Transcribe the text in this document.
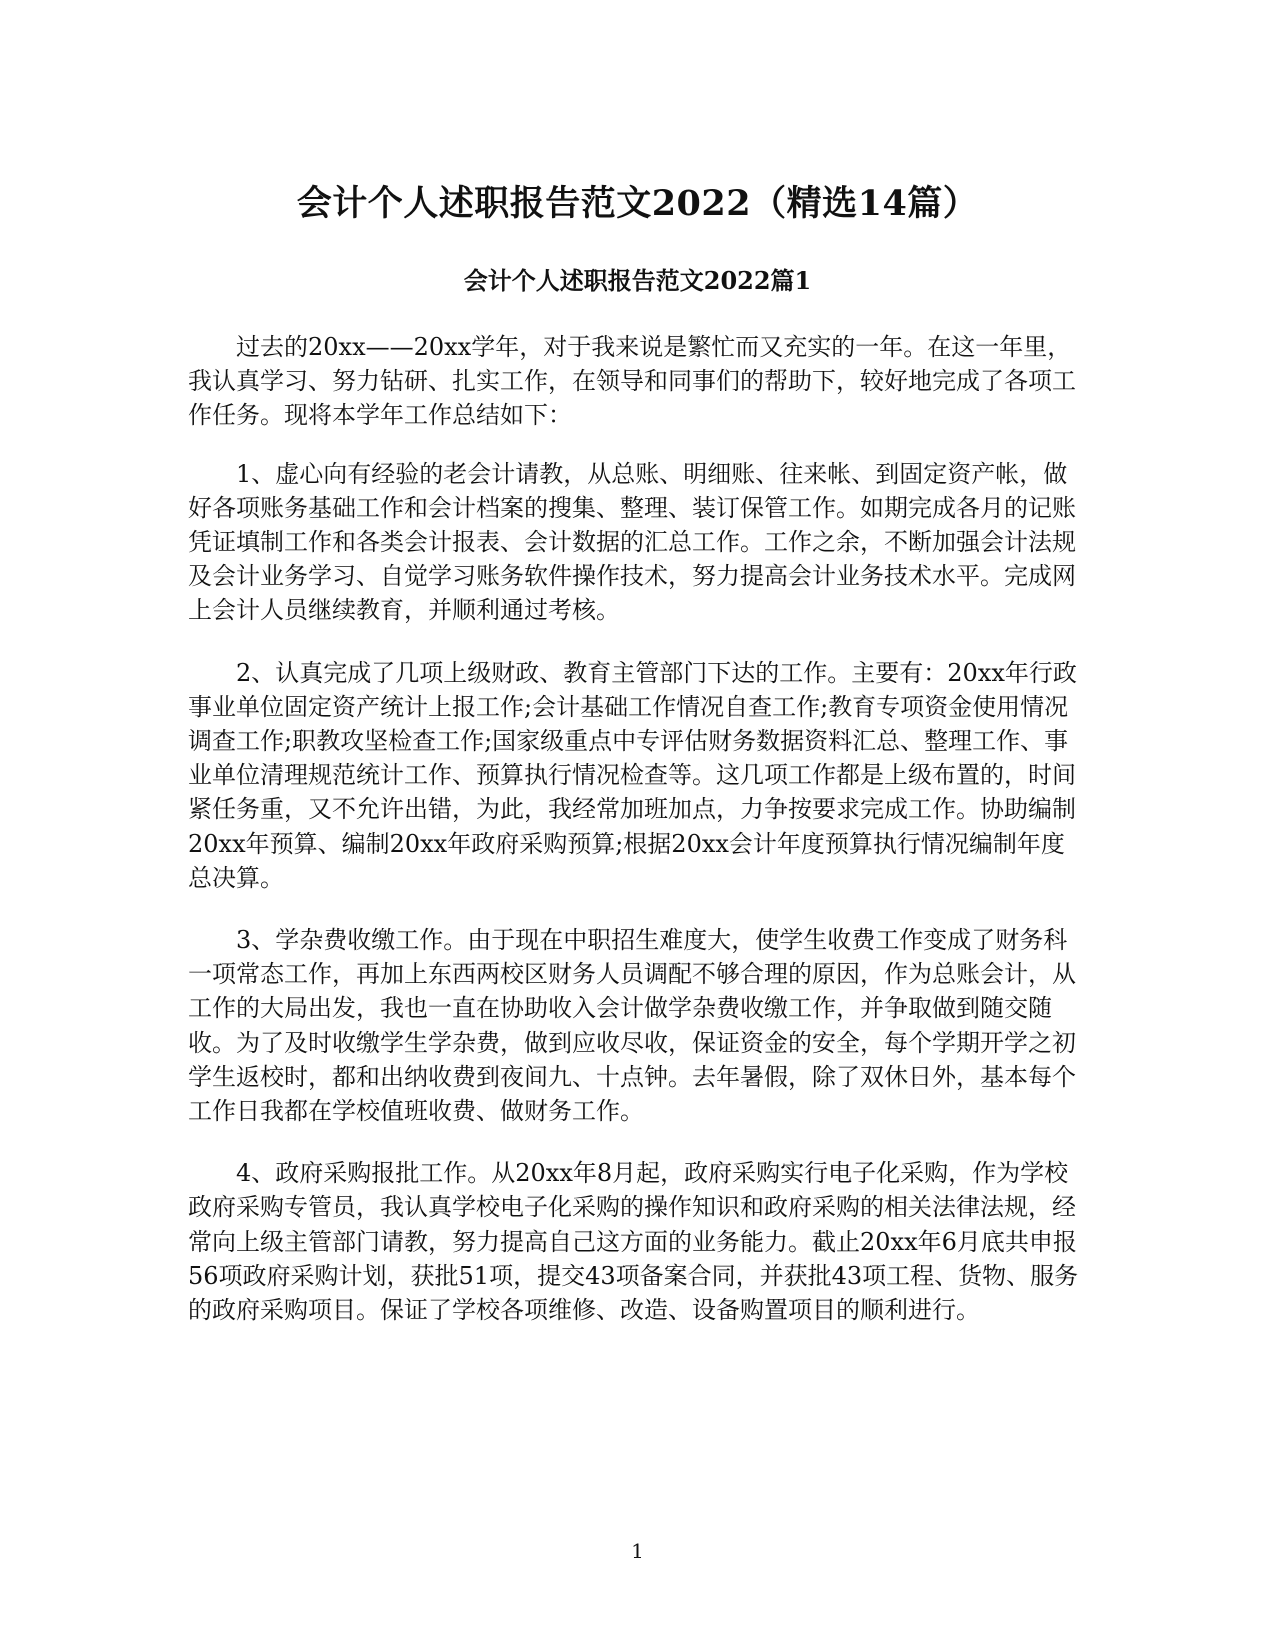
会计个人述职报告范文2022（精选14篇）
会计个人述职报告范文2022篇1

过去的20xx——20xx学年，对于我来说是繁忙而又充实的一年。在这一年里，我认真学习、努力钻研、扎实工作，在领导和同事们的帮助下，较好地完成了各项工作任务。现将本学年工作总结如下：

1、虚心向有经验的老会计请教，从总账、明细账、往来帐、到固定资产帐，做好各项账务基础工作和会计档案的搜集、整理、装订保管工作。如期完成各月的记账凭证填制工作和各类会计报表、会计数据的汇总工作。工作之余，不断加强会计法规及会计业务学习、自觉学习账务软件操作技术，努力提高会计业务技术水平。完成网上会计人员继续教育，并顺利通过考核。

2、认真完成了几项上级财政、教育主管部门下达的工作。主要有：20xx年行政事业单位固定资产统计上报工作;会计基础工作情况自查工作;教育专项资金使用情况调查工作;职教攻坚检查工作;国家级重点中专评估财务数据资料汇总、整理工作、事业单位清理规范统计工作、预算执行情况检查等。这几项工作都是上级布置的，时间紧任务重，又不允许出错，为此，我经常加班加点，力争按要求完成工作。协助编制20xx年预算、编制20xx年政府采购预算;根据20xx会计年度预算执行情况编制年度总决算。

3、学杂费收缴工作。由于现在中职招生难度大，使学生收费工作变成了财务科一项常态工作，再加上东西两校区财务人员调配不够合理的原因，作为总账会计，从工作的大局出发，我也一直在协助收入会计做学杂费收缴工作，并争取做到随交随收。为了及时收缴学生学杂费，做到应收尽收，保证资金的安全，每个学期开学之初学生返校时，都和出纳收费到夜间九、十点钟。去年暑假，除了双休日外，基本每个工作日我都在学校值班收费、做财务工作。

4、政府采购报批工作。从20xx年8月起，政府采购实行电子化采购，作为学校政府采购专管员，我认真学校电子化采购的操作知识和政府采购的相关法律法规，经常向上级主管部门请教，努力提高自己这方面的业务能力。截止20xx年6月底共申报56项政府采购计划，获批51项，提交43项备案合同，并获批43项工程、货物、服务的政府采购项目。保证了学校各项维修、改造、设备购置项目的顺利进行。

1
